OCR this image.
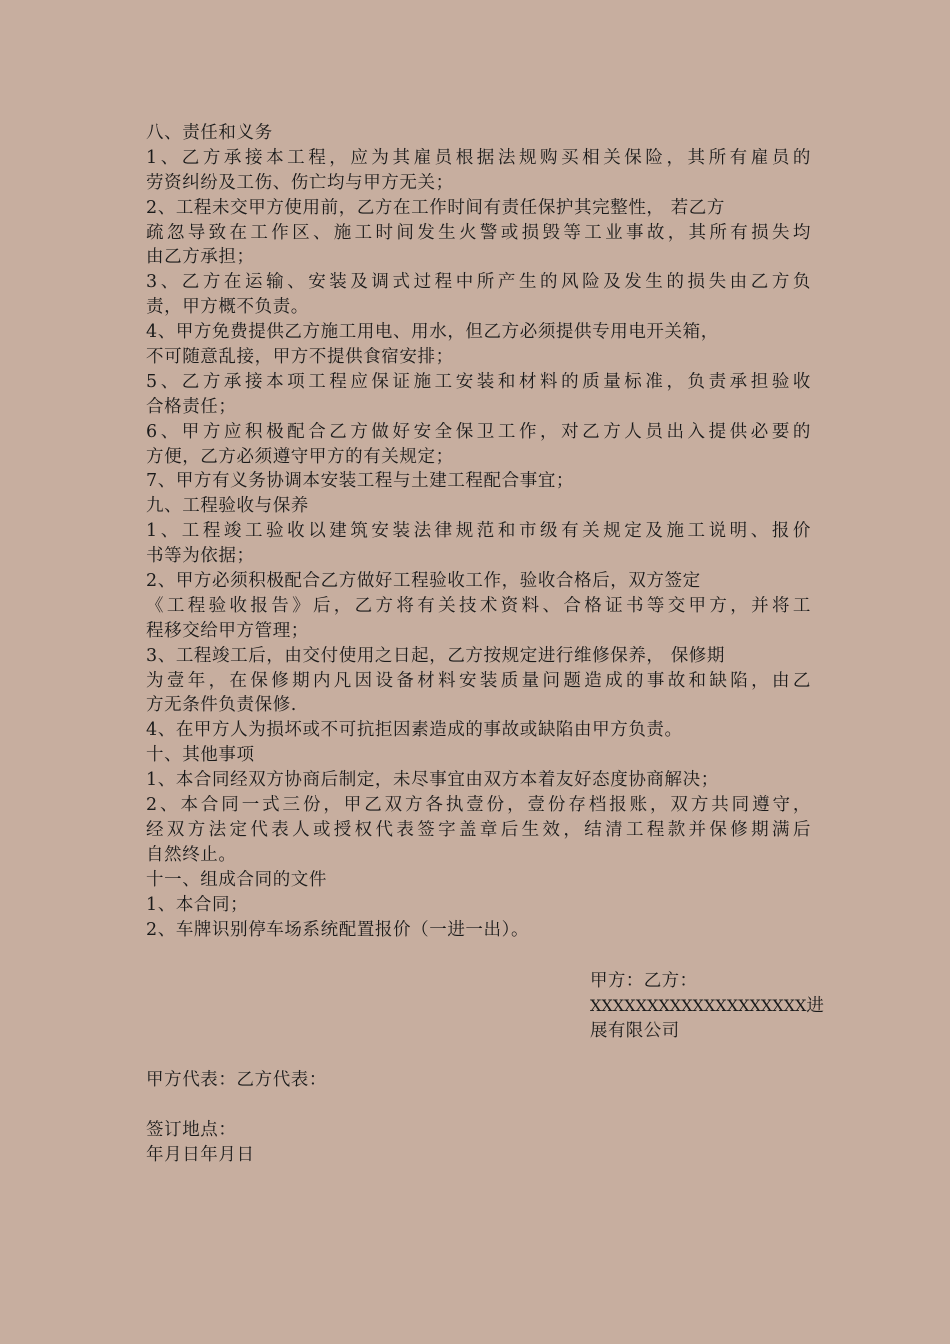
八、责任和义务
1、乙方承接本工程，应为其雇员根据法规购买相关保险，其所有雇员的
劳资纠纷及工伤、伤亡均与甲方无关；
2、工程未交甲方使用前，乙方在工作时间有责任保护其完整性， 若乙方
疏忽导致在工作区、施工时间发生火警或损毁等工业事故，其所有损失均
由乙方承担；
3、乙方在运输、安装及调式过程中所产生的风险及发生的损失由乙方负
责，甲方概不负责。
4、甲方免费提供乙方施工用电、用水，但乙方必须提供专用电开关箱，
不可随意乱接，甲方不提供食宿安排；
5、乙方承接本项工程应保证施工安装和材料的质量标准，负责承担验收
合格责任；
6、甲方应积极配合乙方做好安全保卫工作，对乙方人员出入提供必要的
方便，乙方必须遵守甲方的有关规定；
7、甲方有义务协调本安装工程与土建工程配合事宜；
九、工程验收与保养
1、工程竣工验收以建筑安装法律规范和市级有关规定及施工说明、报价
书等为依据；
2、甲方必须积极配合乙方做好工程验收工作，验收合格后，双方签定
《工程验收报告》后，乙方将有关技术资料、合格证书等交甲方，并将工
程移交给甲方管理；
3、工程竣工后，由交付使用之日起，乙方按规定进行维修保养， 保修期
为壹年，在保修期内凡因设备材料安装质量问题造成的事故和缺陷，由乙
方无条件负责保修.
4、在甲方人为损坏或不可抗拒因素造成的事故或缺陷由甲方负责。
十、其他事项
1、本合同经双方协商后制定，未尽事宜由双方本着友好态度协商解决；
2、本合同一式三份，甲乙双方各执壹份，壹份存档报账，双方共同遵守，
经双方法定代表人或授权代表签字盖章后生效，结清工程款并保修期满后
自然终止。
十一、组成合同的文件
1、本合同；
2、车牌识别停车场系统配置报价（一进一出）。
甲方：乙方：
XXXXXXXXXXXXXXXXXXX进
展有限公司
甲方代表：乙方代表：
签订地点：
年月日年月日
